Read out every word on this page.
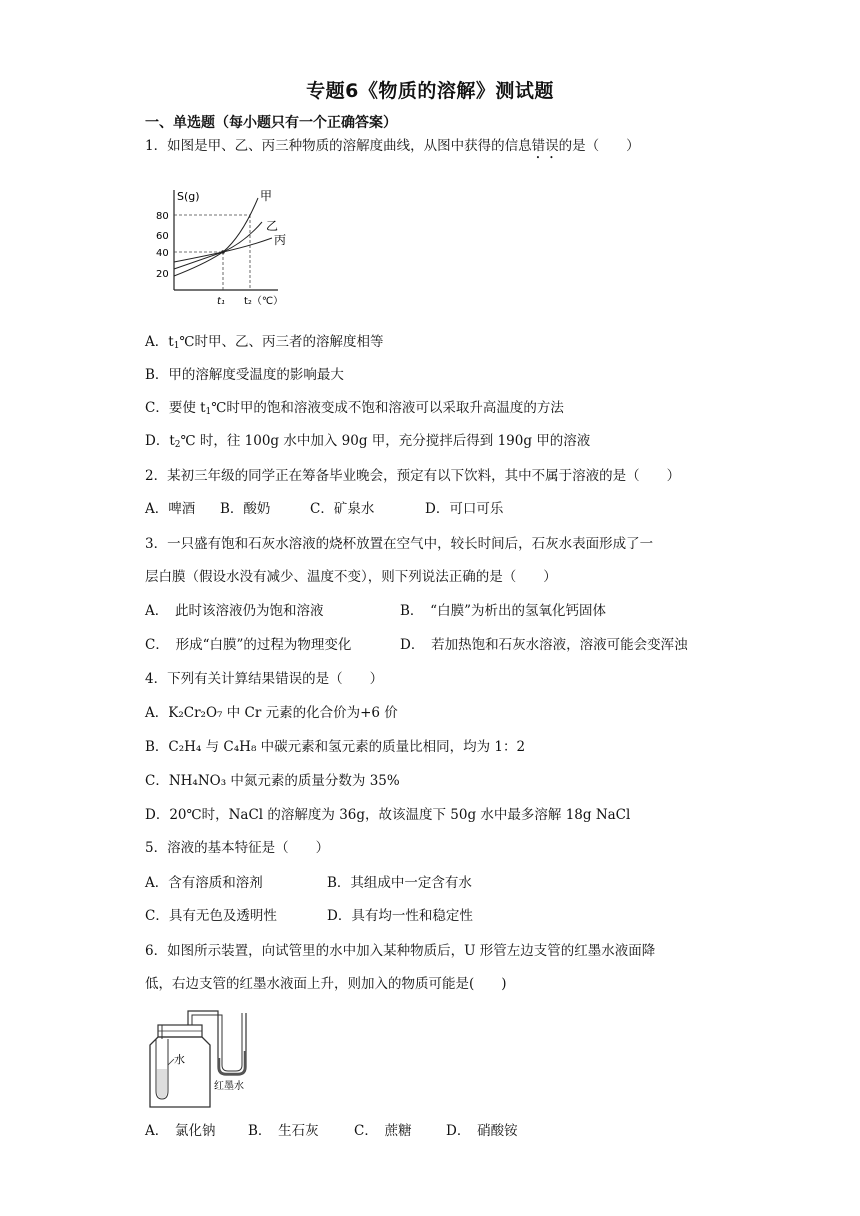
专题6《物质的溶解》测试题
一、单选题（每小题只有一个正确答案）
1．如图是甲、乙、丙三种物质的溶解度曲线，从图中获得的信息错误的是（　　）
S(g)
80
60
40
20
甲
乙
丙
t₁ t₂（℃）
A．$t_1℃$时甲、乙、丙三者的溶解度相等
B．甲的溶解度受温度的影响最大
C．要使 $t_1℃$时甲的饱和溶液变成不饱和溶液可以采取升高温度的方法
D．$t_2℃$ 时，往 100g 水中加入 90g 甲，充分搅拌后得到 190g 甲的溶液
2．某初三年级的同学正在筹备毕业晚会，预定有以下饮料，其中不属于溶液的是（　　）
A．啤酒 B．酸奶	C．矿泉水	D．可口可乐
3．一只盛有饱和石灰水溶液的烧杯放置在空气中，较长时间后，石灰水表面形成了一
层白膜（假设水没有减少、温度不变），则下列说法正确的是（　　）
A．　此时该溶液仍为饱和溶液	B．　“白膜”为析出的氢氧化钙固体
C．　形成“白膜”的过程为物理变化	D．　若加热饱和石灰水溶液，溶液可能会变浑浊
4．下列有关计算结果错误的是（　　）
A．K₂Cr₂O₇ 中 Cr 元素的化合价为+6 价
B．C₂H₄ 与 C₄H₈ 中碳元素和氢元素的质量比相同，均为 1：2
C．NH₄NO₃ 中氮元素的质量分数为 35%
D．20℃时，NaCl 的溶解度为 36g，故该温度下 50g 水中最多溶解 18g NaCl
5．溶液的基本特征是（　　）
A．含有溶质和溶剂	B．其组成中一定含有水
C．具有无色及透明性	D．具有均一性和稳定性
6．如图所示装置，向试管里的水中加入某种物质后，U 形管左边支管的红墨水液面降
低，右边支管的红墨水液面上升，则加入的物质可能是(　　)
水
红墨水
A．　氯化钠 B．　生石灰	C．　蔗糖	D．　硝酸铵
